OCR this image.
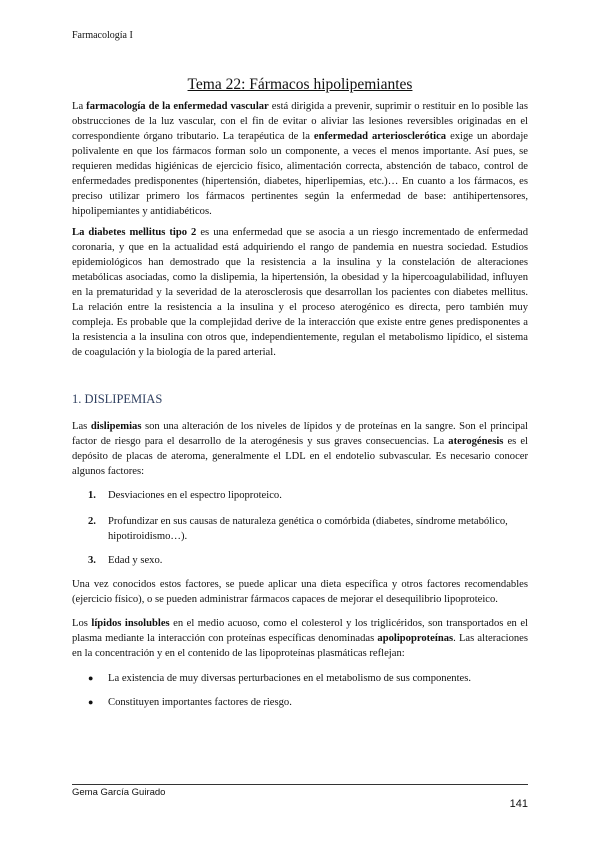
Farmacología I
Tema 22: Fármacos hipolipemiantes

La farmacología de la enfermedad vascular está dirigida a prevenir, suprimir o restituir en lo posible las obstrucciones de la luz vascular, con el fin de evitar o aliviar las lesiones reversibles originadas en el correspondiente órgano tributario. La terapéutica de la enfermedad arteriosclerótica exige un abordaje polivalente en que los fármacos forman solo un componente, a veces el menos importante. Así pues, se requieren medidas higiénicas de ejercicio físico, alimentación correcta, abstención de tabaco, control de enfermedades predisponentes (hipertensión, diabetes, hiperlipemias, etc.)… En cuanto a los fármacos, es preciso utilizar primero los fármacos pertinentes según la enfermedad de base: antihipertensores, hipolipemiantes y antidiabéticos.

La diabetes mellitus tipo 2 es una enfermedad que se asocia a un riesgo incrementado de enfermedad coronaria, y que en la actualidad está adquiriendo el rango de pandemia en nuestra sociedad. Estudios epidemiológicos han demostrado que la resistencia a la insulina y la constelación de alteraciones metabólicas asociadas, como la dislipemia, la hipertensión, la obesidad y la hipercoagulabilidad, influyen en la prematuridad y la severidad de la aterosclerosis que desarrollan los pacientes con diabetes mellitus. La relación entre la resistencia a la insulina y el proceso aterogénico es directa, pero también muy compleja. Es probable que la complejidad derive de la interacción que existe entre genes predisponentes a la resistencia a la insulina con otros que, independientemente, regulan el metabolismo lipídico, el sistema de coagulación y la biología de la pared arterial.

1. DISLIPEMIAS

Las dislipemias son una alteración de los niveles de lípidos y de proteínas en la sangre. Son el principal factor de riesgo para el desarrollo de la aterogénesis y sus graves consecuencias. La aterogénesis es el depósito de placas de ateroma, generalmente el LDL en el endotelio subvascular. Es necesario conocer algunos factores:

1.	Desviaciones en el espectro lipoproteico.
2.	Profundizar en sus causas de naturaleza genética o comórbida (diabetes, síndrome metabólico, hipotiroidismo…).
3.	Edad y sexo.

Una vez conocidos estos factores, se puede aplicar una dieta específica y otros factores recomendables (ejercicio físico), o se pueden administrar fármacos capaces de mejorar el desequilibrio lipoproteico.

Los lípidos insolubles en el medio acuoso, como el colesterol y los triglicéridos, son transportados en el plasma mediante la interacción con proteínas específicas denominadas apolipoproteínas. Las alteraciones en la concentración y en el contenido de las lipoproteínas plasmáticas reflejan:

●	La existencia de muy diversas perturbaciones en el metabolismo de sus componentes.
●	Constituyen importantes factores de riesgo.
Gema García Guirado
141
